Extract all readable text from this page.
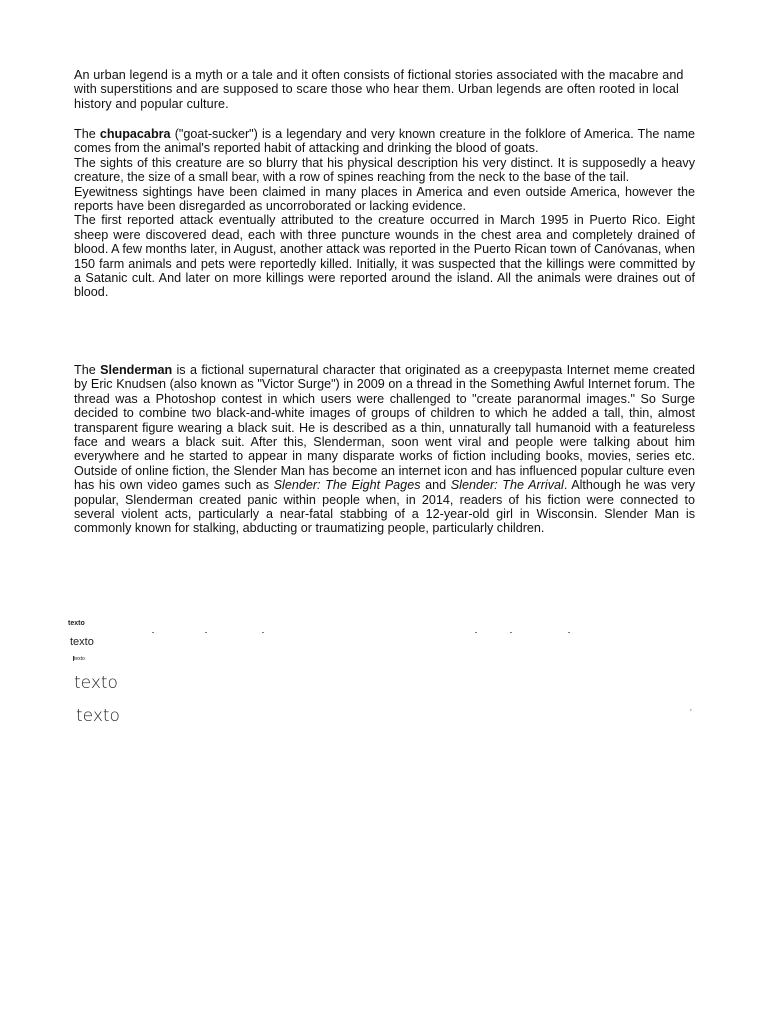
An urban legend is a myth or a tale and it often consists of fictional stories associated with the macabre and with superstitions and are supposed to scare those who hear them. Urban legends are often rooted in local history and popular culture.

The chupacabra ("goat-sucker") is a legendary and very known creature in the folklore of America. The name comes from the animal's reported habit of attacking and drinking the blood of goats.

The sights of this creature are so blurry that his physical description his very distinct. It is supposedly a heavy creature, the size of a small bear, with a row of spines reaching from the neck to the base of the tail.

Eyewitness sightings have been claimed in many places in America and even outside America, however the reports have been disregarded as uncorroborated or lacking evidence.

The first reported attack eventually attributed to the creature occurred in March 1995 in Puerto Rico. Eight sheep were discovered dead, each with three puncture wounds in the chest area and completely drained of blood. A few months later, in August, another attack was reported in the Puerto Rican town of Canóvanas, when 150 farm animals and pets were reportedly killed. Initially, it was suspected that the killings were committed by a Satanic cult. And later on more killings were reported around the island. All the animals were draines out of blood.

The Slenderman is a fictional supernatural character that originated as a creepypasta Internet meme created by Eric Knudsen (also known as "Victor Surge") in 2009 on a thread in the Something Awful Internet forum. The thread was a Photoshop contest in which users were challenged to "create paranormal images." So Surge decided to combine two black-and-white images of groups of children to which he added a tall, thin, almost transparent figure wearing a black suit. He is described as a thin, unnaturally tall humanoid with a featureless face and wears a black suit. After this, Slenderman, soon went viral and people were talking about him everywhere and he started to appear in many disparate works of fiction including books, movies, series etc. Outside of online fiction, the Slender Man has become an internet icon and has influenced popular culture even has his own video games such as Slender: The Eight Pages and Slender: The Arrival. Although he was very popular, Slenderman created panic within people when, in 2014, readers of his fiction were connected to several violent acts, particularly a near-fatal stabbing of a 12-year-old girl in Wisconsin. Slender Man is commonly known for stalking, abducting or traumatizing people, particularly children.

texto
texto
texto
texto
texto	‚
